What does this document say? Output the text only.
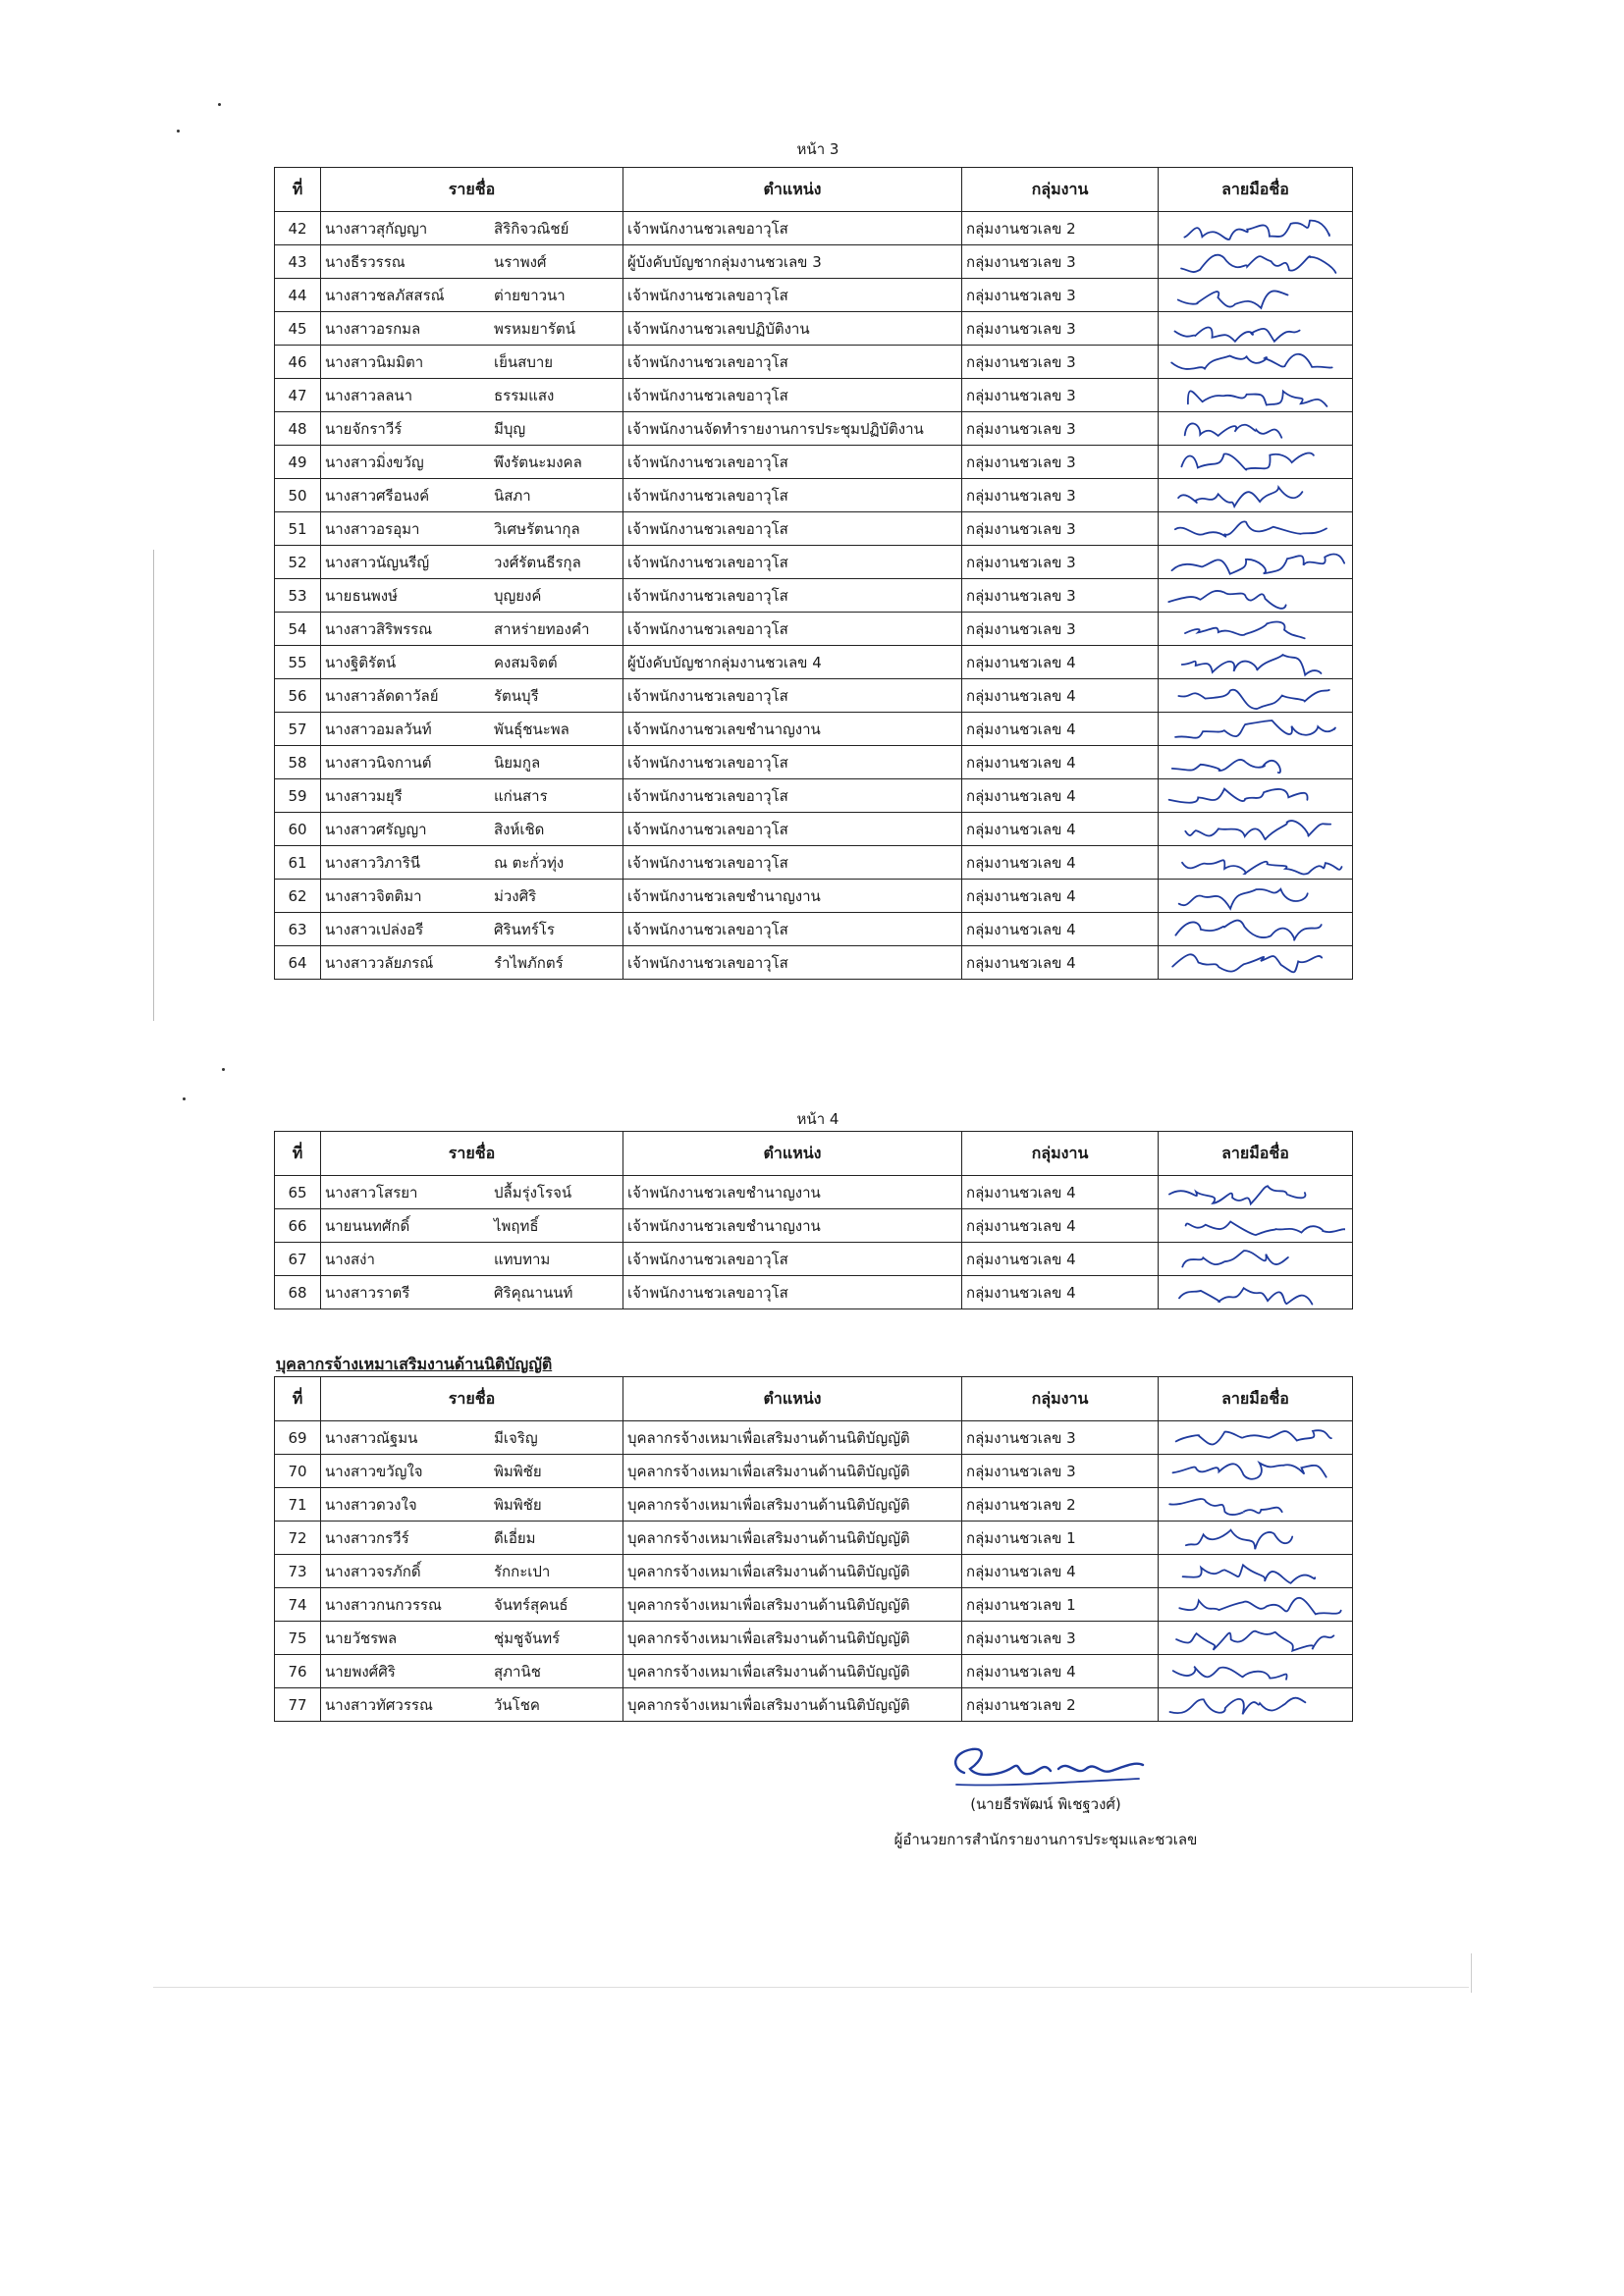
หน้า 3
ที่	รายชื่อ	ตำแหน่ง	กลุ่มงาน	ลายมือชื่อ
42	นางสาวสุกัญญา สิริกิจวณิชย์	เจ้าพนักงานชวเลขอาวุโส	กลุ่มงานชวเลข 2	

43	นางธีรวรรณ นราพงศ์	ผู้บังคับบัญชากลุ่มงานชวเลข 3	กลุ่มงานชวเลข 3	

44	นางสาวชลภัสสรณ์ ต่ายขาวนา	เจ้าพนักงานชวเลขอาวุโส	กลุ่มงานชวเลข 3	

45	นางสาวอรกมล พรหมยารัตน์	เจ้าพนักงานชวเลขปฏิบัติงาน	กลุ่มงานชวเลข 3	

46	นางสาวนิมมิตา เย็นสบาย	เจ้าพนักงานชวเลขอาวุโส	กลุ่มงานชวเลข 3	

47	นางสาวลลนา ธรรมแสง	เจ้าพนักงานชวเลขอาวุโส	กลุ่มงานชวเลข 3	

48	นายจักราวีร์ มีบุญ	เจ้าพนักงานจัดทำรายงานการประชุมปฏิบัติงาน	กลุ่มงานชวเลข 3	

49	นางสาวมิ่งขวัญ พึงรัตนะมงคล	เจ้าพนักงานชวเลขอาวุโส	กลุ่มงานชวเลข 3	

50	นางสาวศรีอนงค์ นิสภา	เจ้าพนักงานชวเลขอาวุโส	กลุ่มงานชวเลข 3	

51	นางสาวอรอุมา วิเศษรัตนากุล	เจ้าพนักงานชวเลขอาวุโส	กลุ่มงานชวเลข 3	

52	นางสาวนัญนรีญ์ วงศ์รัตนธีรกุล	เจ้าพนักงานชวเลขอาวุโส	กลุ่มงานชวเลข 3	

53	นายธนพงษ์ บุญยงค์	เจ้าพนักงานชวเลขอาวุโส	กลุ่มงานชวเลข 3	

54	นางสาวสิริพรรณ สาหร่ายทองคำ	เจ้าพนักงานชวเลขอาวุโส	กลุ่มงานชวเลข 3	

55	นางฐิติรัตน์ คงสมจิตต์	ผู้บังคับบัญชากลุ่มงานชวเลข 4	กลุ่มงานชวเลข 4	

56	นางสาวลัดดาวัลย์ รัตนบุรี	เจ้าพนักงานชวเลขอาวุโส	กลุ่มงานชวเลข 4	

57	นางสาวอมลวันท์ พันธุ์ชนะพล	เจ้าพนักงานชวเลขชำนาญงาน	กลุ่มงานชวเลข 4	

58	นางสาวนิจกานต์ นิยมกูล	เจ้าพนักงานชวเลขอาวุโส	กลุ่มงานชวเลข 4	

59	นางสาวมยุรี แก่นสาร	เจ้าพนักงานชวเลขอาวุโส	กลุ่มงานชวเลข 4	

60	นางสาวศรัญญา สิงห์เชิด	เจ้าพนักงานชวเลขอาวุโส	กลุ่มงานชวเลข 4	

61	นางสาววิภารินี ณ ตะกั่วทุ่ง	เจ้าพนักงานชวเลขอาวุโส	กลุ่มงานชวเลข 4	

62	นางสาวจิตติมา ม่วงศิริ	เจ้าพนักงานชวเลขชำนาญงาน	กลุ่มงานชวเลข 4	

63	นางสาวเปล่งอรี ศิรินทร์โร	เจ้าพนักงานชวเลขอาวุโส	กลุ่มงานชวเลข 4	

64	นางสาววลัยภรณ์ รำไพภักตร์	เจ้าพนักงานชวเลขอาวุโส	กลุ่มงานชวเลข 4	
หน้า 4
ที่	รายชื่อ	ตำแหน่ง	กลุ่มงาน	ลายมือชื่อ
65	นางสาวโสรยา ปลื้มรุ่งโรจน์	เจ้าพนักงานชวเลขชำนาญงาน	กลุ่มงานชวเลข 4	

66	นายนนทศักดิ์ ไพฤทธิ์	เจ้าพนักงานชวเลขชำนาญงาน	กลุ่มงานชวเลข 4	

67	นางสง่า แทบทาม	เจ้าพนักงานชวเลขอาวุโส	กลุ่มงานชวเลข 4	

68	นางสาวราตรี ศิริคุณานนท์	เจ้าพนักงานชวเลขอาวุโส	กลุ่มงานชวเลข 4	
บุคลากรจ้างเหมาเสริมงานด้านนิติบัญญัติ
ที่	รายชื่อ	ตำแหน่ง	กลุ่มงาน	ลายมือชื่อ
69	นางสาวณัฐมน มีเจริญ	บุคลากรจ้างเหมาเพื่อเสริมงานด้านนิติบัญญัติ	กลุ่มงานชวเลข 3	

70	นางสาวขวัญใจ พิมพิชัย	บุคลากรจ้างเหมาเพื่อเสริมงานด้านนิติบัญญัติ	กลุ่มงานชวเลข 3	

71	นางสาวดวงใจ พิมพิชัย	บุคลากรจ้างเหมาเพื่อเสริมงานด้านนิติบัญญัติ	กลุ่มงานชวเลข 2	

72	นางสาวกรวีร์ ดีเอี่ยม	บุคลากรจ้างเหมาเพื่อเสริมงานด้านนิติบัญญัติ	กลุ่มงานชวเลข 1	

73	นางสาวจรภักดิ์ รักกะเปา	บุคลากรจ้างเหมาเพื่อเสริมงานด้านนิติบัญญัติ	กลุ่มงานชวเลข 4	

74	นางสาวกนกวรรณ จันทร์สุคนธ์	บุคลากรจ้างเหมาเพื่อเสริมงานด้านนิติบัญญัติ	กลุ่มงานชวเลข 1	

75	นายวัชรพล ชุ่มชูจันทร์	บุคลากรจ้างเหมาเพื่อเสริมงานด้านนิติบัญญัติ	กลุ่มงานชวเลข 3	

76	นายพงศ์ศิริ สุภานิช	บุคลากรจ้างเหมาเพื่อเสริมงานด้านนิติบัญญัติ	กลุ่มงานชวเลข 4	

77	นางสาวทัศวรรณ วันโชค	บุคลากรจ้างเหมาเพื่อเสริมงานด้านนิติบัญญัติ	กลุ่มงานชวเลข 2	
(นายธีรพัฒน์ พิเชฐวงศ์)
ผู้อำนวยการสำนักรายงานการประชุมและชวเลข
